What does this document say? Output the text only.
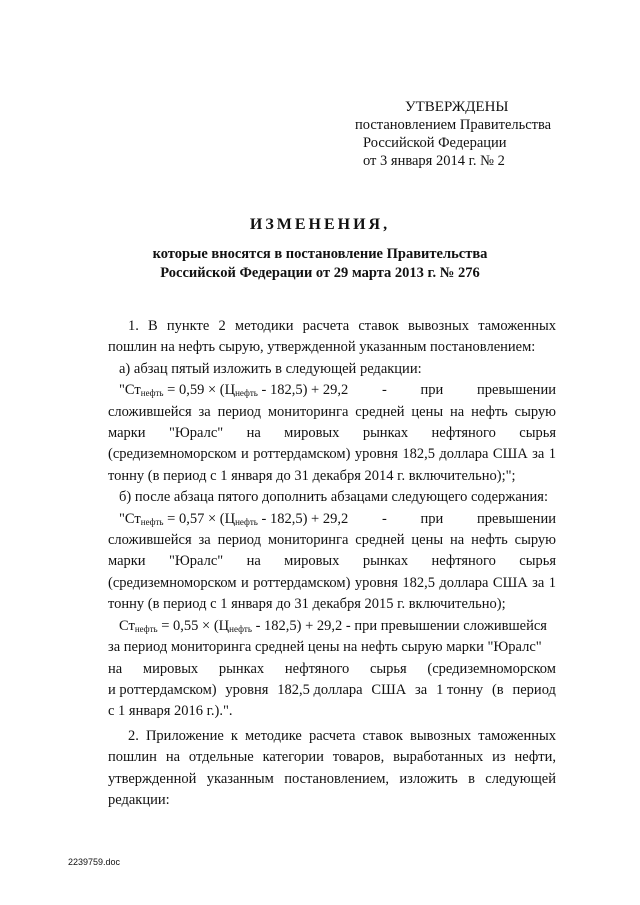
УТВЕРЖДЕНЫ
постановлением Правительства
Российской Федерации
от 3 января 2014 г. № 2
ИЗМЕНЕНИЯ,
которые вносятся в постановление Правительства
Российской Федерации от 29 марта 2013 г. № 276

1. В пункте 2 методики расчета ставок вывозных таможенных пошлин на нефть сырую, утвержденной указанным постановлением:

а) абзац пятый изложить в следующей редакции:

"$Ст_{нефть} = 0,59 \times (Ц_{нефть} - 182,5) + 29,2$ - при превышении

сложившейся за период мониторинга средней цены на нефть сырую марки "Юралс" на мировых рынках нефтяного сырья (средиземноморском и роттердамском) уровня 182,5 доллара США за 1 тонну (в период с 1 января до 31 декабря 2014 г. включительно);";

б) после абзаца пятого дополнить абзацами следующего содержания:

"$Ст_{нефть} = 0,57 \times (Ц_{нефть} - 182,5) + 29,2$ - при превышении

сложившейся за период мониторинга средней цены на нефть сырую марки "Юралс" на мировых рынках нефтяного сырья (средиземноморском и роттердамском) уровня 182,5 доллара США за 1 тонну (в период с 1 января до 31 декабря 2015 г. включительно);

$Ст_{нефть} = 0,55 \times (Ц_{нефть} - 182,5) + 29,2$ - при превышении сложившейся
за период мониторинга средней цены на нефть сырую марки "Юралс"
на мировых рынках нефтяного сырья (средиземноморском
и роттердамском) уровня 182,5 доллара США за 1 тонну (в период

с 1 января 2016 г.).".

2. Приложение к методике расчета ставок вывозных таможенных пошлин на отдельные категории товаров, выработанных из нефти, утвержденной указанным постановлением, изложить в следующей редакции:

2239759.doc
